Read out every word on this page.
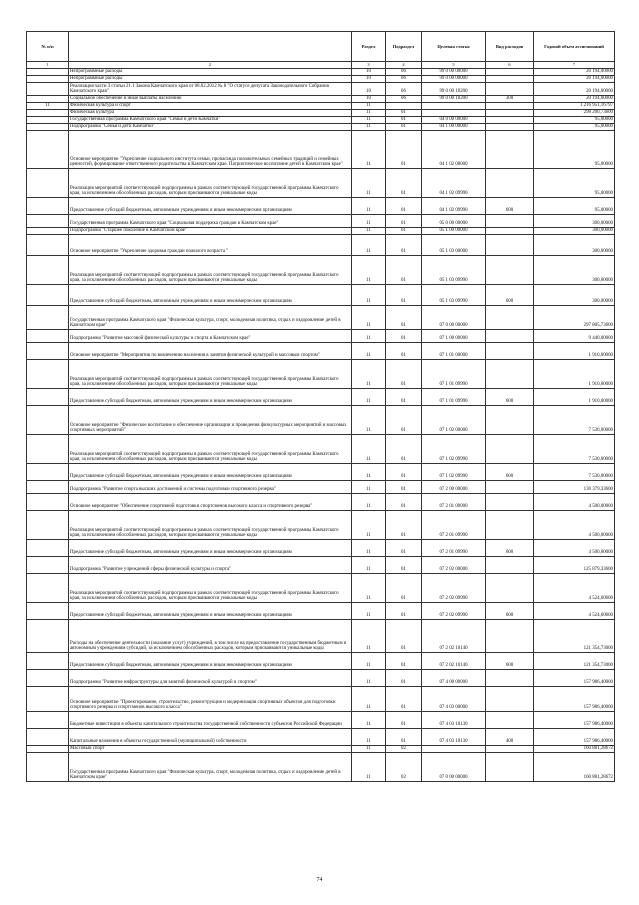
№ п/п		Раздел	Подраздел	Целевая статья	Вид расходов	Годовой объем ассигнований
1	2	3	4	5	6	7
	Непрограммные расходы	10	06	99 0 00 00000		20 194,00000
	Непрограммные расходы	10	06	99 0 00 00000		20 194,00000
	Реализация части 3 статьи 21.1 Закона Камчатского края от 08.02.2012 № 8 "О статусе депутата Законодательного Собрания Камчатского края"	10	06	99 0 00 10200		20 194,00000
	Социальное обеспечение и иные выплаты населению	10	06	99 0 00 10200	300	20 194,00000
11	Физическая культура и спорт	11				1 216 951,16797
	Физическая культура	11	01			298 200,73600
	Государственная программа Камчатского края "Семья и дети Камчатки"	11	01	04 0 00 00000		95,00000
	Подпрограмма "Семья и дети Камчатки"	11	01	04 1 00 00000		95,00000
	Основное мероприятие "Укрепление социального института семьи, пропаганда положительных семейных традиций и семейных ценностей, формирование ответственного родительства в Камчатском крае. Патриотическое воспитание детей в Камчатском крае"	11	01	04 1 02 00000		95,00000
	Реализация мероприятий соответствующей подпрограммы в рамках соответствующей государственной программы Камчатского края, за исключением обособленных расходов, которым присваиваются уникальные коды	11	01	04 1 02 09990		95,00000
	Предоставление субсидий бюджетным, автономным учреждениям и иным некоммерческим организациям	11	01	04 1 02 09990	600	95,00000
	Государственная программа Камчатского края "Социальная поддержка граждан в Камчатском крае"	11	01	05 0 00 00000		300,00000
	Подпрограмма "Старшее поколение в Камчатском крае"	11	01	05 1 00 00000		300,00000
	Основное мероприятие "Укрепление здоровья граждан пожилого возраста "	11	01	05 1 03 00000		300,00000
	Реализация мероприятий соответствующей подпрограммы в рамках соответствующей государственной программы Камчатского края, за исключением обособленных расходов, которым присваиваются уникальные коды	11	01	05 1 03 09990		300,00000
	Предоставление субсидий бюджетным, автономным учреждениям и иным некоммерческим организациям	11	01	05 1 03 09990	600	300,00000
	Государственная программа Камчатского края "Физическая культура, спорт, молодежная политика, отдых и оздоровление детей в Камчатском крае"	11	01	07 0 00 00000		297 805,73600
	Подпрограмма "Развитие массовой физической культуры и спорта в Камчатском крае"	11	01	07 1 00 00000		9 440,00000
	Основное мероприятие "Мероприятия по вовлечению населения в занятия физической культурой и массовым спортом"	11	01	07 1 01 00000		1 910,00000
	Реализация мероприятий соответствующей подпрограммы в рамках соответствующей государственной программы Камчатского края, за исключением обособленных расходов, которым присваиваются уникальные коды	11	01	07 1 01 09990		1 910,00000
	Предоставление субсидий бюджетным, автономным учреждениям и иным некоммерческим организациям	11	01	07 1 01 09990	600	1 910,00000
	Основное мероприятие "Физическое воспитание и обеспечение организации и проведения физкультурных мероприятий и массовых спортивных мероприятий"	11	01	07 1 02 00000		7 530,00000
	Реализация мероприятий соответствующей подпрограммы в рамках соответствующей государственной программы Камчатского края, за исключением обособленных расходов, которым присваиваются уникальные коды	11	01	07 1 02 09990		7 530,00000
	Предоставление субсидий бюджетным, автономным учреждениям и иным некоммерческим организациям	11	01	07 1 02 09990	600	7 530,00000
	Подпрограмма "Развитие спорта высших достижений и системы подготовки спортивного резерва"	11	01	07 2 00 00000		130 379,33600
	Основное мероприятие "Обеспечение спортивной подготовки спортсменов высокого класса и спортивного резерва"	11	01	07 2 01 00000		4 500,00000
	Реализация мероприятий соответствующей подпрограммы в рамках соответствующей государственной программы Камчатского края, за исключением обособленных расходов, которым присваиваются уникальные коды	11	01	07 2 01 09990		4 500,00000
	Предоставление субсидий бюджетным, автономным учреждениям и иным некоммерческим организациям	11	01	07 2 01 09990	600	4 500,00000
	Подпрограмма "Развитие учреждений сферы физической культуры и спорта"	11	01	07 2 02 00000		125 879,33600
	Реализация мероприятий соответствующей подпрограммы в рамках соответствующей государственной программы Камчатского края, за исключением обособленных расходов, которым присваиваются уникальные коды	11	01	07 2 02 09990		4 524,60600
	Предоставление субсидий бюджетным, автономным учреждениям и иным некоммерческим организациям	11	01	07 2 02 09990	600	4 524,60600
	Расходы на обеспечение деятельности (оказание услуг) учреждений, в том числе на предоставление государственным бюджетным и автономным учреждениям субсидий, за исключением обособленных расходов, которым присваиваются уникальные коды	11	01	07 2 02 10140		121 354,73000
	Предоставление субсидий бюджетным, автономным учреждениям и иным некоммерческим организациям	11	01	07 2 02 10140	600	121 354,73000
	Подпрограмма "Развитие инфраструктуры для занятий физической культурой и спортом"	11	01	07 4 00 00000		157 986,40000
	Основное мероприятие "Проектирование, строительство, реконструкция и модернизация спортивных объектов для подготовки спортивного резерва и спортсменов высокого класса"	11	01	07 4 03 00000		157 986,40000
	Бюджетные инвестиции в объекты капитального строительства государственной собственности субъектов Российской Федерации	11	01	07 4 03 10130		157 986,40000
	Капитальные вложения в объекты государственной (муниципальной) собственности	11	01	07 4 03 10130	400	157 986,40000
	Массовый спорт	11	02			160 881,28672
	Государственная программа Камчатского края "Физическая культура, спорт, молодежная политика, отдых и оздоровление детей в Камчатском крае"	11	02	07 0 00 00000		160 881,28672
74
